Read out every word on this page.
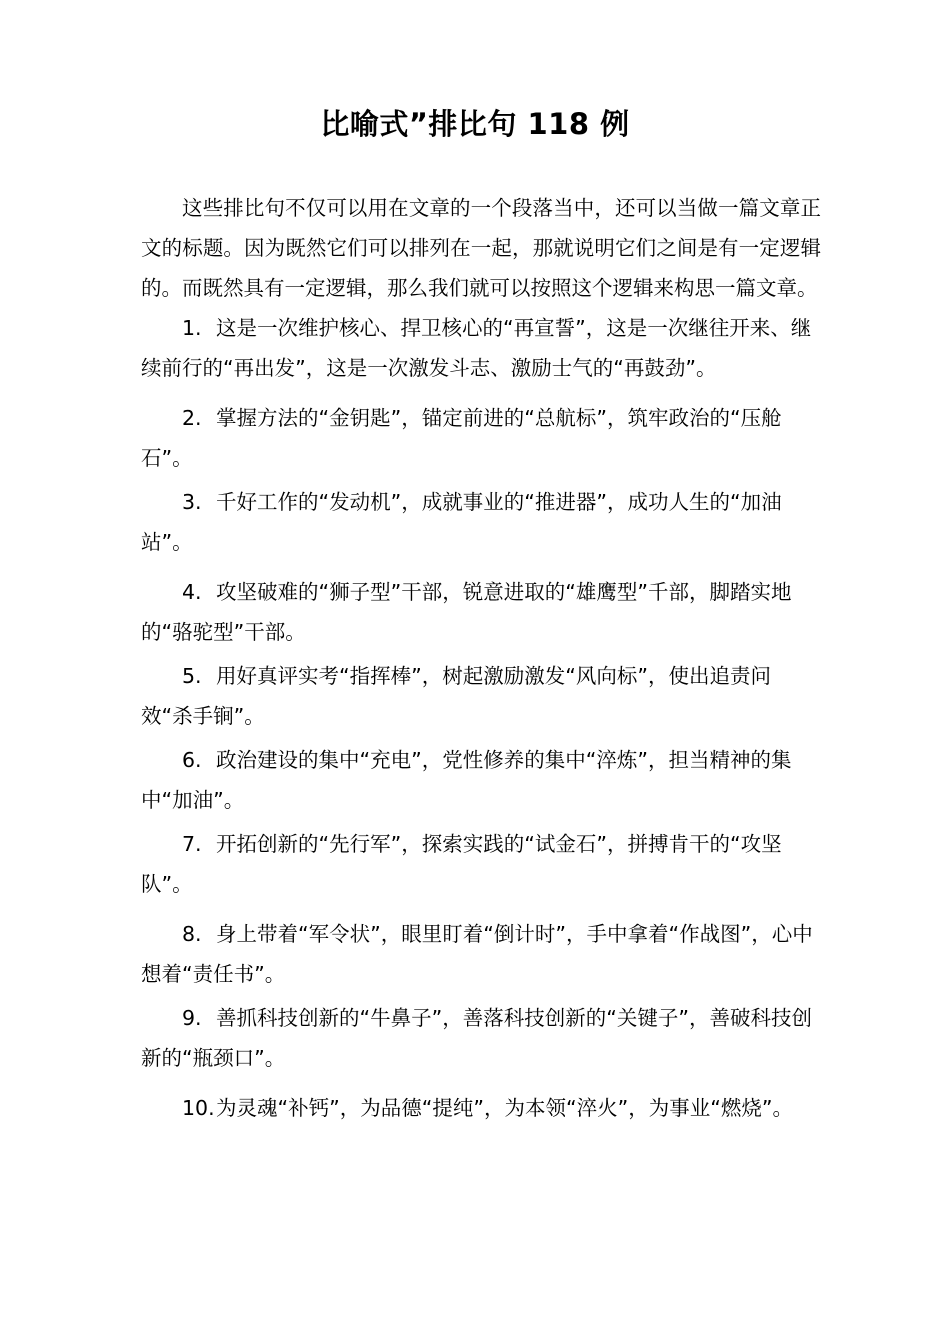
比喻式”排比句 118 例

这些排比句不仅可以用在文章的一个段落当中，还可以当做一篇文章正文的标题。因为既然它们可以排列在一起，那就说明它们之间是有一定逻辑的。而既然具有一定逻辑，那么我们就可以按照这个逻辑来构思一篇文章。

1. 这是一次维护核心、捍卫核心的“再宣誓”，这是一次继往开来、继续前行的“再出发”，这是一次激发斗志、激励士气的“再鼓劲”。

2. 掌握方法的“金钥匙”，锚定前进的“总航标”，筑牢政治的“压舱石”。

3. 千好工作的“发动机”，成就事业的“推进器”，成功人生的“加油站”。

4. 攻坚破难的“狮子型”干部，锐意进取的“雄鹰型”千部，脚踏实地的“骆驼型”干部。

5. 用好真评实考“指挥棒”，树起激励激发“风向标”，使出追责问效“杀手锏”。

6. 政治建设的集中“充电”，党性修养的集中“淬炼”，担当精神的集中“加油”。

7. 开拓创新的“先行军”，探索实践的“试金石”，拼搏肯干的“攻坚队”。

8. 身上带着“军令状”，眼里盯着“倒计时”，手中拿着“作战图”，心中想着“责任书”。

9. 善抓科技创新的“牛鼻子”，善落科技创新的“关键子”，善破科技创新的“瓶颈口”。

10.为灵魂“补钙”，为品德“提纯”，为本领“淬火”，为事业“燃烧”。
